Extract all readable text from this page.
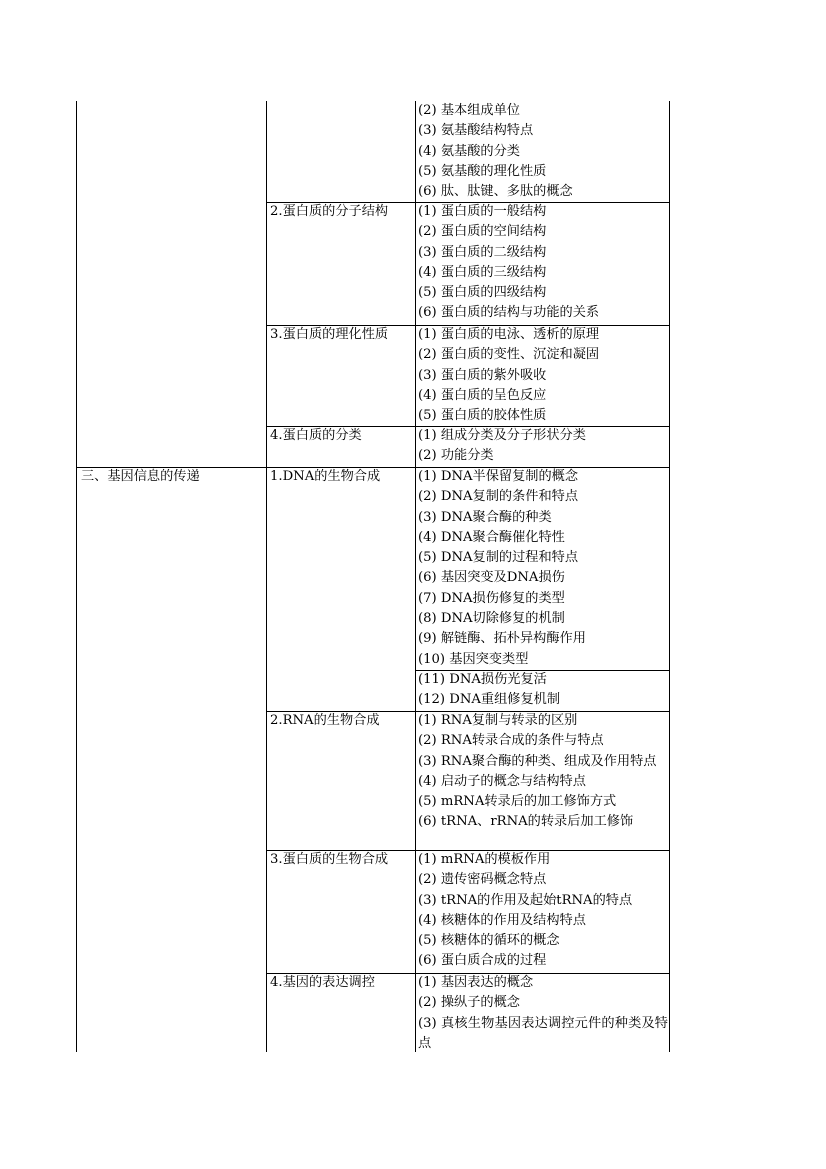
(2) 基本组成单位
(3) 氨基酸结构特点
(4) 氨基酸的分类
(5) 氨基酸的理化性质
(6) 肽、肽键、多肽的概念
2.蛋白质的分子结构 (1) 蛋白质的一般结构
(2) 蛋白质的空间结构
(3) 蛋白质的二级结构
(4) 蛋白质的三级结构
(5) 蛋白质的四级结构
(6) 蛋白质的结构与功能的关系
3.蛋白质的理化性质 (1) 蛋白质的电泳、透析的原理
(2) 蛋白质的变性、沉淀和凝固
(3) 蛋白质的紫外吸收
(4) 蛋白质的呈色反应
(5) 蛋白质的胶体性质
4.蛋白质的分类	(1) 组成分类及分子形状分类
(2) 功能分类
三、基因信息的传递	1.DNA的生物合成	(1) DNA半保留复制的概念
(2) DNA复制的条件和特点
(3) DNA聚合酶的种类
(4) DNA聚合酶催化特性
(5) DNA复制的过程和特点
(6) 基因突变及DNA损伤
(7) DNA损伤修复的类型
(8) DNA切除修复的机制
(9) 解链酶、拓朴异构酶作用
(10) 基因突变类型
(11) DNA损伤光复活
(12) DNA重组修复机制
2.RNA的生物合成	(1) RNA复制与转录的区别
(2) RNA转录合成的条件与特点
(3) RNA聚合酶的种类、组成及作用特点
(4) 启动子的概念与结构特点
(5) mRNA转录后的加工修饰方式
(6) tRNA、rRNA的转录后加工修饰
3.蛋白质的生物合成 (1) mRNA的模板作用
(2) 遗传密码概念特点
(3) tRNA的作用及起始tRNA的特点
(4) 核糖体的作用及结构特点
(5) 核糖体的循环的概念
(6) 蛋白质合成的过程
4.基因的表达调控	(1) 基因表达的概念
(2) 操纵子的概念
(3) 真核生物基因表达调控元件的种类及特点
